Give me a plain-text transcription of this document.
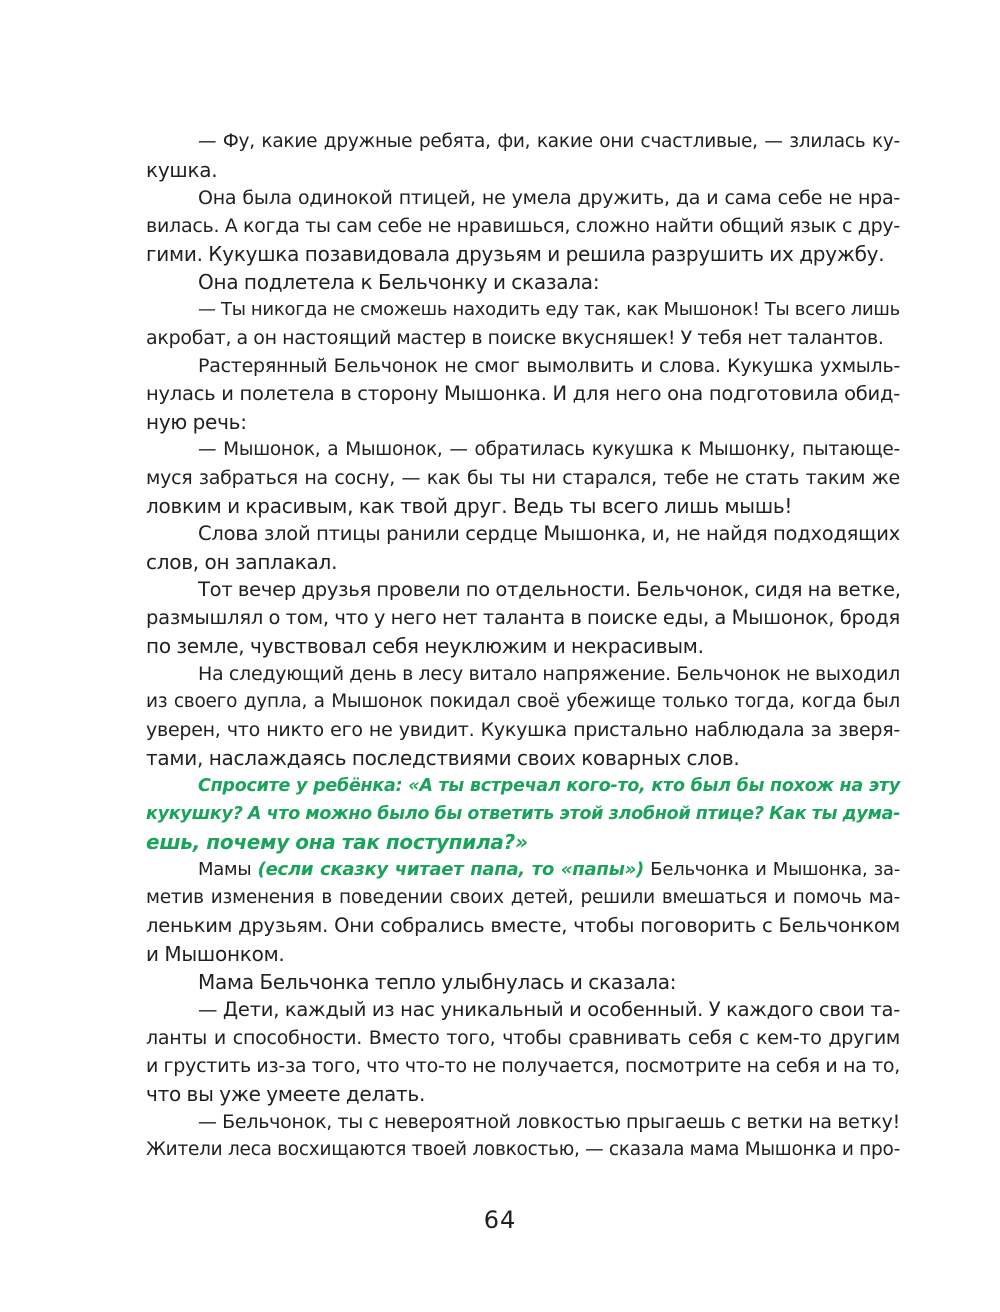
— Фу, какие дружные ребята, фи, какие они счастливые, — злилась ку-
кушка.
Она была одинокой птицей, не умела дружить, да и сама себе не нра-
вилась. А когда ты сам себе не нравишься, сложно найти общий язык с дру-
гими. Кукушка позавидовала друзьям и решила разрушить их дружбу.
Она подлетела к Бельчонку и сказала:
— Ты никогда не сможешь находить еду так, как Мышонок! Ты всего лишь
акробат, а он настоящий мастер в поиске вкусняшек! У тебя нет талантов.
Растерянный Бельчонок не смог вымолвить и слова. Кукушка ухмыль-
нулась и полетела в сторону Мышонка. И для него она подготовила обид-
ную речь:
— Мышонок, а Мышонок, — обратилась кукушка к Мышонку, пытающе-
муся забраться на сосну, — как бы ты ни старался, тебе не стать таким же
ловким и красивым, как твой друг. Ведь ты всего лишь мышь!
Слова злой птицы ранили сердце Мышонка, и, не найдя подходящих
слов, он заплакал.
Тот вечер друзья провели по отдельности. Бельчонок, сидя на ветке,
размышлял о том, что у него нет таланта в поиске еды, а Мышонок, бродя
по земле, чувствовал себя неуклюжим и некрасивым.
На следующий день в лесу витало напряжение. Бельчонок не выходил
из своего дупла, а Мышонок покидал своё убежище только тогда, когда был
уверен, что никто его не увидит. Кукушка пристально наблюдала за зверя-
тами, наслаждаясь последствиями своих коварных слов.
Спросите у ребёнка: «А ты встречал кого-то, кто был бы похож на эту
кукушку? А что можно было бы ответить этой злобной птице? Как ты дума-
ешь, почему она так поступила?»
Мамы (если сказку читает папа, то «папы») Бельчонка и Мышонка, за-
метив изменения в поведении своих детей, решили вмешаться и помочь ма-
леньким друзьям. Они собрались вместе, чтобы поговорить с Бельчонком
и Мышонком.
Мама Бельчонка тепло улыбнулась и сказала:
— Дети, каждый из нас уникальный и особенный. У каждого свои та-
ланты и способности. Вместо того, чтобы сравнивать себя с кем-то другим
и грустить из-за того, что что-то не получается, посмотрите на себя и на то,
что вы уже умеете делать.
— Бельчонок, ты с невероятной ловкостью прыгаешь с ветки на ветку!
Жители леса восхищаются твоей ловкостью, — сказала мама Мышонка и про-
64
